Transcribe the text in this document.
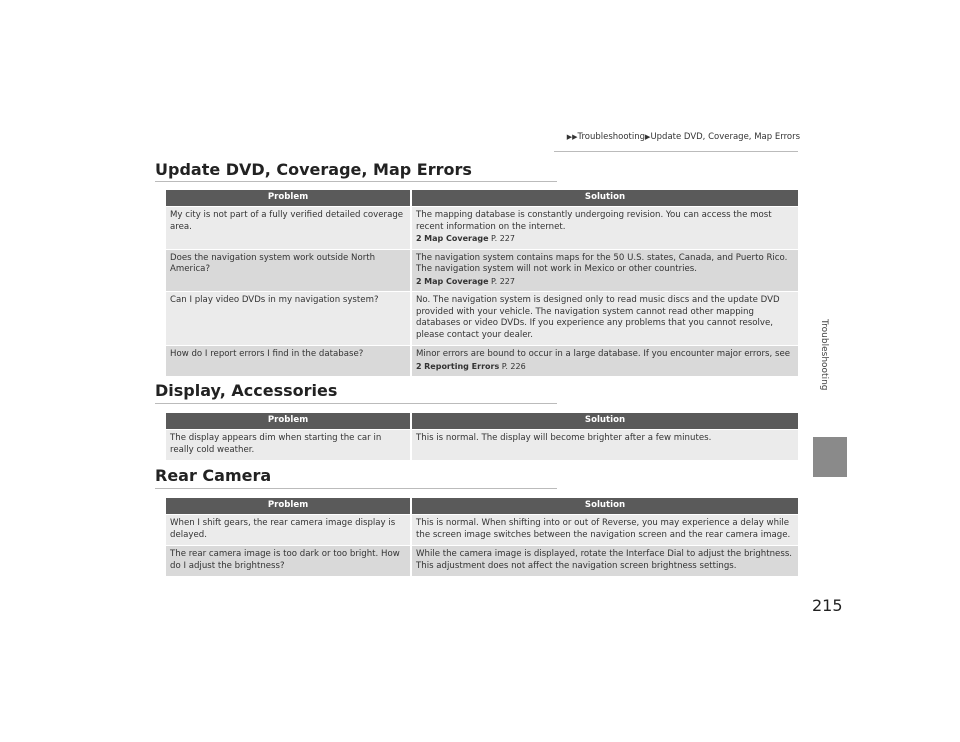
▶▶Troubleshooting▶Update DVD, Coverage, Map Errors
Troubleshooting
215
Update DVD, Coverage, Map Errors
Problem	Solution
My city is not part of a fully verified detailed coverage area.	The mapping database is constantly undergoing revision. You can access the most recent information on the internet.
2 Map Coverage P. 227

Does the navigation system work outside North America?	The navigation system contains maps for the 50 U.S. states, Canada, and Puerto Rico. The navigation system will not work in Mexico or other countries.
2 Map Coverage P. 227

Can I play video DVDs in my navigation system?	No. The navigation system is designed only to read music discs and the update DVD provided with your vehicle. The navigation system cannot read other mapping databases or video DVDs. If you experience any problems that you cannot resolve, please contact your dealer.
How do I report errors I find in the database?	Minor errors are bound to occur in a large database. If you encounter major errors, see
2 Reporting Errors P. 226
Display, Accessories
Problem	Solution
The display appears dim when starting the car in really cold weather.	This is normal. The display will become brighter after a few minutes.
Rear Camera
Problem	Solution
When I shift gears, the rear camera image display is delayed.	This is normal. When shifting into or out of Reverse, you may experience a delay while the screen image switches between the navigation screen and the rear camera image.
The rear camera image is too dark or too bright. How do I adjust the brightness?	While the camera image is displayed, rotate the Interface Dial to adjust the brightness. This adjustment does not affect the navigation screen brightness settings.
